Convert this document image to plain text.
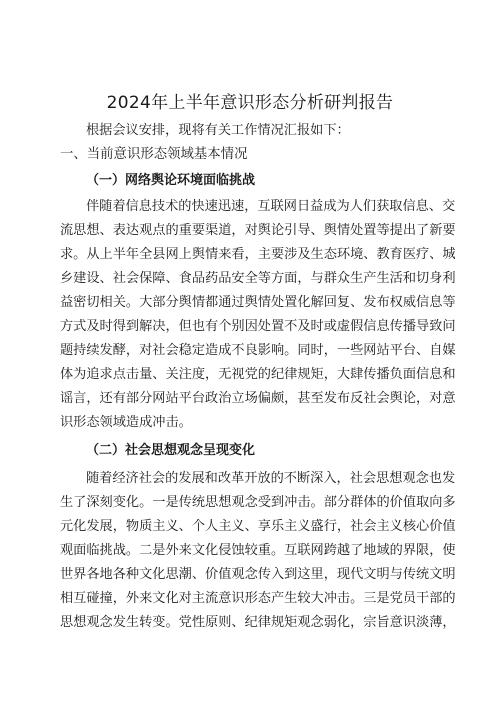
2024年上半年意识形态分析研判报告
根据会议安排，现将有关工作情况汇报如下：
一、当前意识形态领域基本情况
（一）网络舆论环境面临挑战
伴随着信息技术的快速迅速，互联网日益成为人们获取信息、交
流思想、表达观点的重要渠道，对舆论引导、舆情处置等提出了新要
求。从上半年全县网上舆情来看，主要涉及生态环境、教育医疗、城
乡建设、社会保障、食品药品安全等方面，与群众生产生活和切身利
益密切相关。大部分舆情都通过舆情处置化解回复、发布权威信息等
方式及时得到解决，但也有个别因处置不及时或虚假信息传播导致问
题持续发酵，对社会稳定造成不良影响。同时，一些网站平台、自媒
体为追求点击量、关注度，无视党的纪律规矩，大肆传播负面信息和
谣言，还有部分网站平台政治立场偏颇，甚至发布反社会舆论，对意
识形态领域造成冲击。
（二）社会思想观念呈现变化
随着经济社会的发展和改革开放的不断深入，社会思想观念也发
生了深刻变化。一是传统思想观念受到冲击。部分群体的价值取向多
元化发展，物质主义、个人主义、享乐主义盛行，社会主义核心价值
观面临挑战。二是外来文化侵蚀较重。互联网跨越了地域的界限，使
世界各地各种文化思潮、价值观念传入到这里，现代文明与传统文明
相互碰撞，外来文化对主流意识形态产生较大冲击。三是党员干部的
思想观念发生转变。党性原则、纪律规矩观念弱化，宗旨意识淡薄，
